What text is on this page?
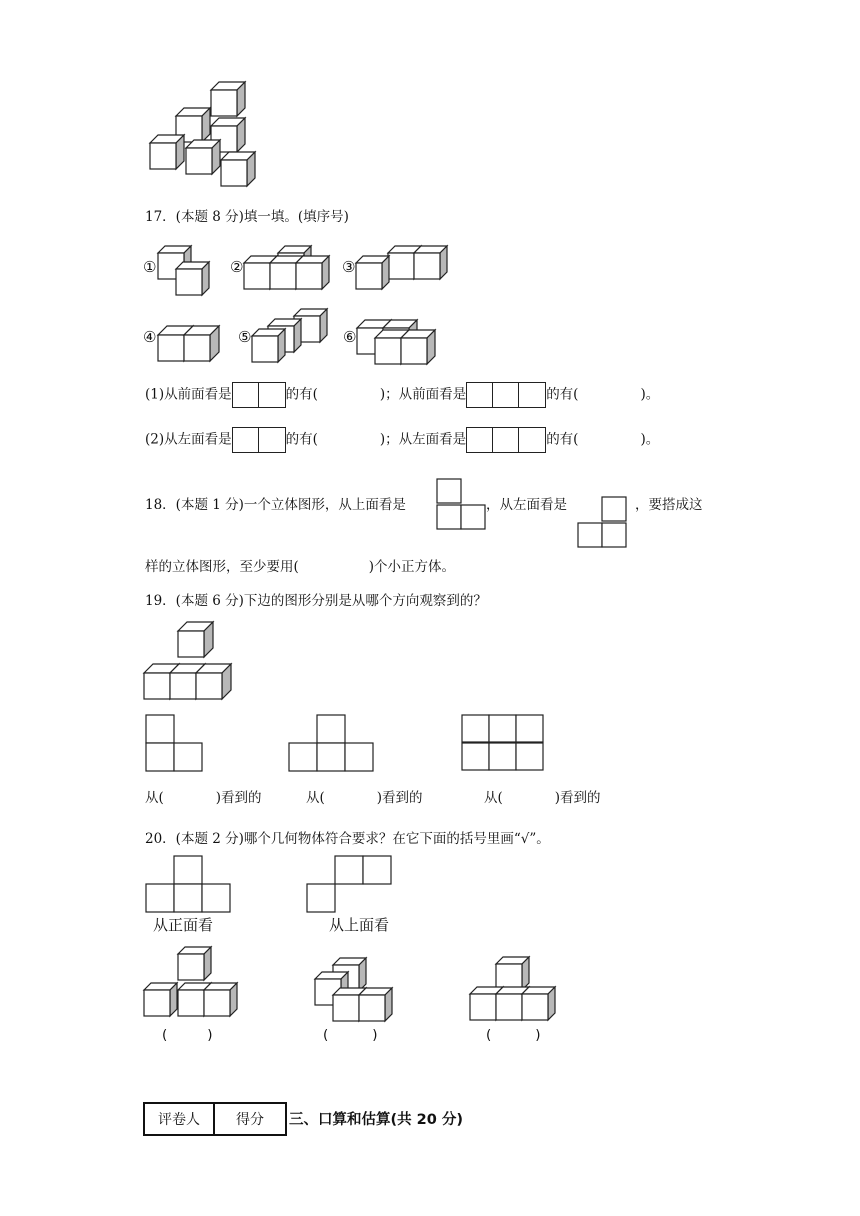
17．(本题 8 分)填一填。(填序号)
①	②	③
④	⑤	⑥
(1)从前面看是	的有(	)；从前面看是	的有(	)。
(2)从左面看是	的有(	)；从左面看是	的有(	)。
18．(本题 1 分)一个立体图形，从上面看是	，从左面看是	，要搭成这
样的立体图形，至少要用(	)个小正方体。
19．(本题 6 分)下边的图形分别是从哪个方向观察到的？
从(	)看到的	从(	)看到的	从(	)看到的
20．(本题 2 分)哪个几何物体符合要求？在它下面的括号里画“√”。
从正面看	从上面看
(	)	(	)	(	)
评卷人	得分	三、口算和估算(共 20 分)
